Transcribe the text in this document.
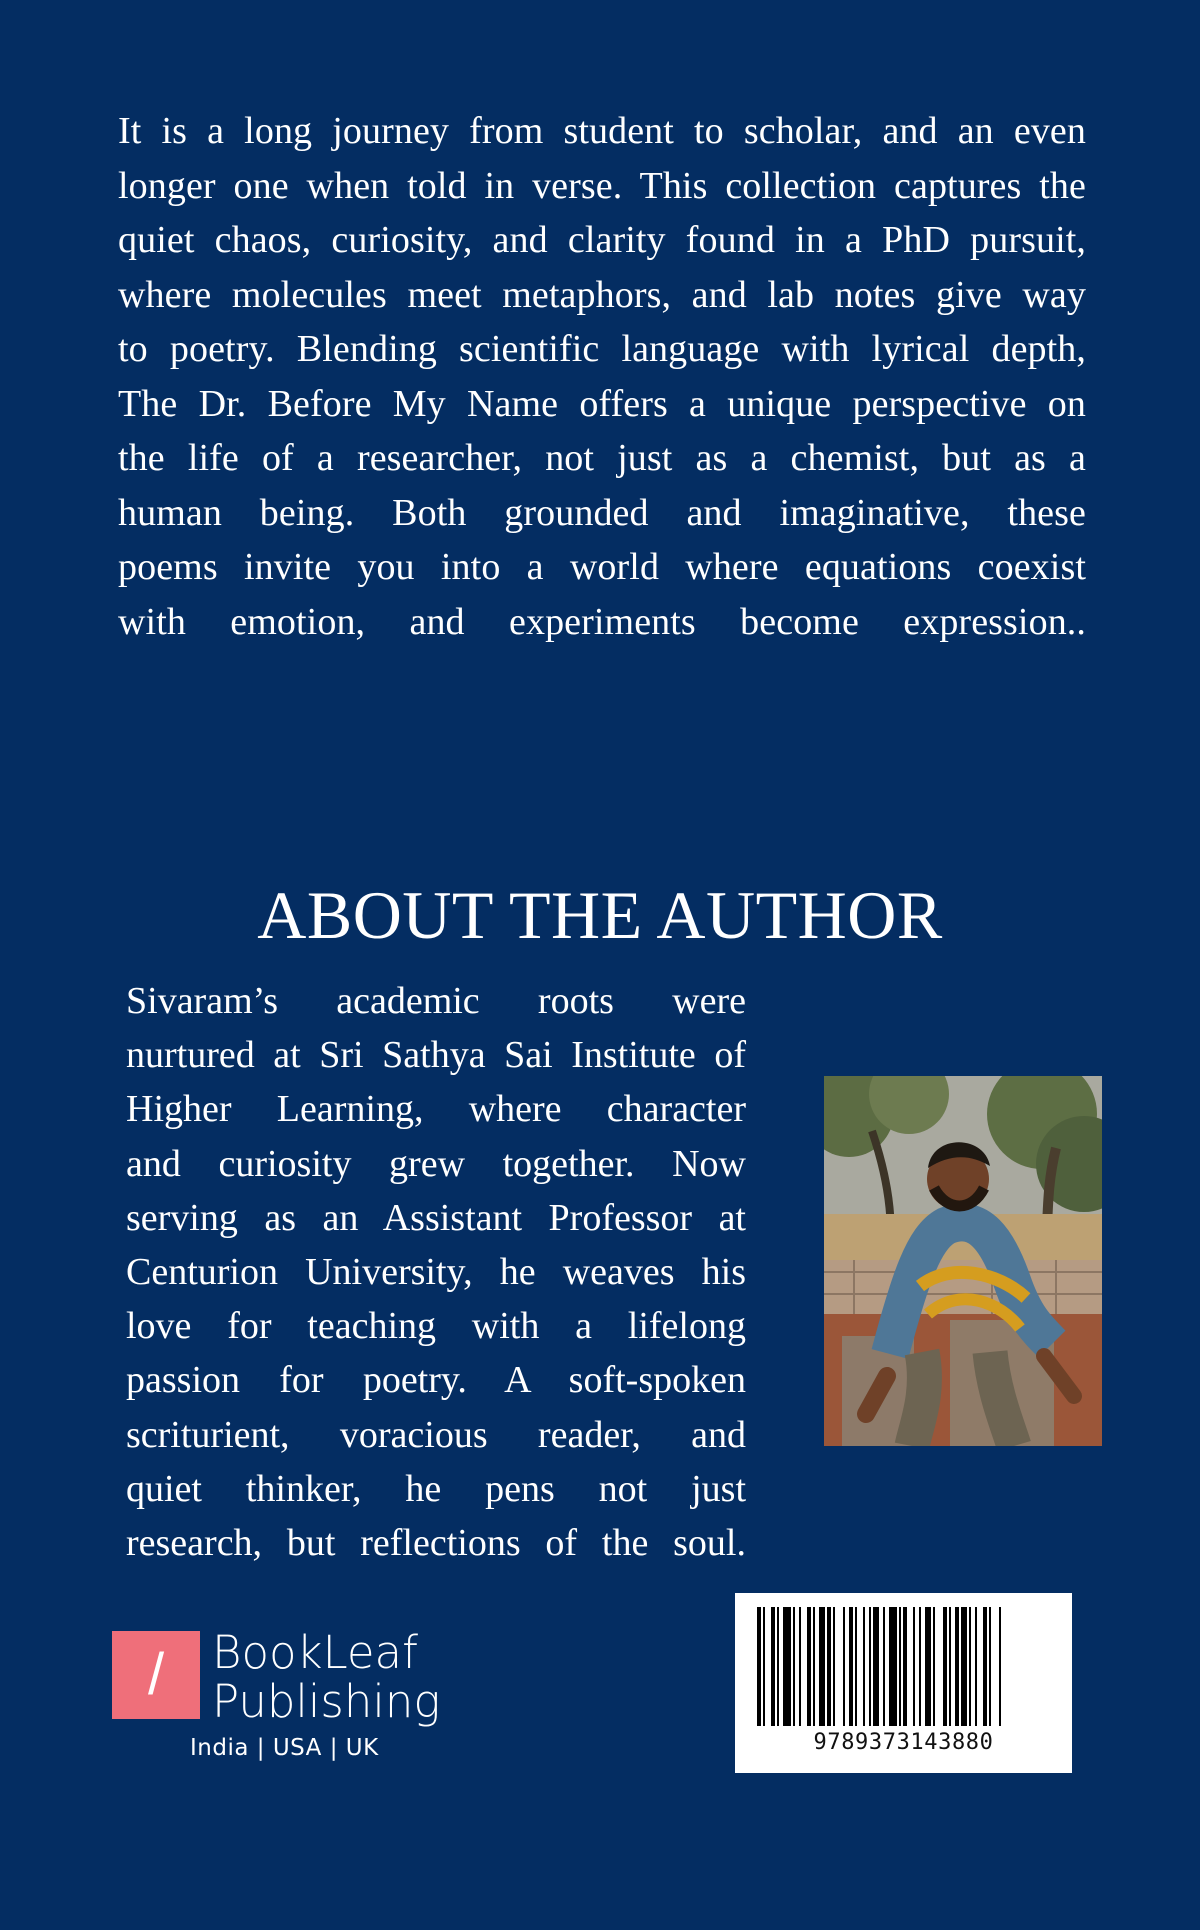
It is a long journey from student to scholar, and an even
longer one when told in verse. This collection captures the
quiet chaos, curiosity, and clarity found in a PhD pursuit,
where molecules meet metaphors, and lab notes give way
to poetry. Blending scientific language with lyrical depth,
The Dr. Before My Name offers a unique perspective on
the life of a researcher, not just as a chemist, but as a
human being. Both grounded and imaginative, these
poems invite you into a world where equations coexist
with emotion, and experiments become expression..
ABOUT THE AUTHOR
Sivaram’s academic roots were
nurtured at Sri Sathya Sai Institute of
Higher Learning, where character
and curiosity grew together. Now
serving as an Assistant Professor at
Centurion University, he weaves his
love for teaching with a lifelong
passion for poetry. A soft-spoken
scriturient, voracious reader, and
quiet thinker, he pens not just
research, but reflections of the soul.
/	BookLeaf
Publishing
India | USA | UK	9789373143880
